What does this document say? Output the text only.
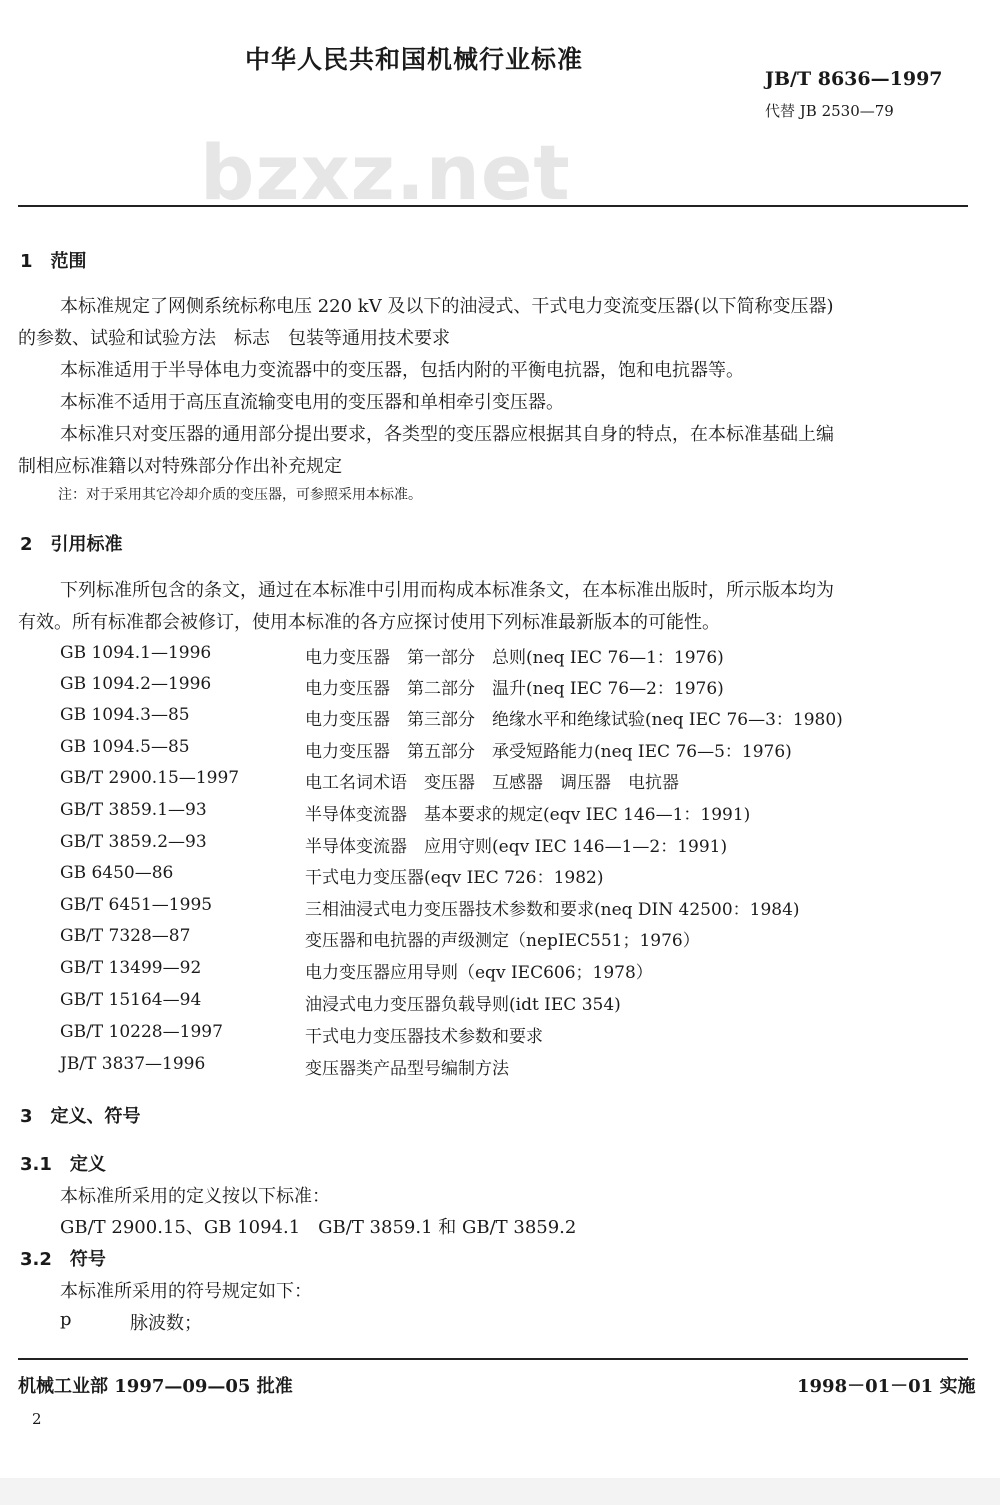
中华人民共和国机械行业标准
JB/T 8636—1997
代替 JB 2530—79
bzxz.net
1　范围
本标准规定了网侧系统标称电压 220 kV 及以下的油浸式、干式电力变流变压器(以下简称变压器)
的参数、试验和试验方法　标志　包装等通用技术要求
本标准适用于半导体电力变流器中的变压器，包括内附的平衡电抗器，饱和电抗器等。
本标准不适用于高压直流输变电用的变压器和单相牵引变压器。
本标准只对变压器的通用部分提出要求，各类型的变压器应根据其自身的特点，在本标准基础上编
制相应标准籍以对特殊部分作出补充规定
注：对于采用其它冷却介质的变压器，可参照采用本标准。
2　引用标准
下列标准所包含的条文，通过在本标准中引用而构成本标准条文，在本标准出版时，所示版本均为
有效。所有标准都会被修订，使用本标准的各方应探讨使用下列标准最新版本的可能性。
GB 1094.1—1996	电力变压器　第一部分　总则(neq IEC 76—1：1976)
GB 1094.2—1996	电力变压器　第二部分　温升(neq IEC 76—2：1976)
GB 1094.3—85	电力变压器　第三部分　绝缘水平和绝缘试验(neq IEC 76—3：1980)
GB 1094.5—85	电力变压器　第五部分　承受短路能力(neq IEC 76—5：1976)
GB/T 2900.15—1997	电工名词术语　变压器　互感器　调压器　电抗器
GB/T 3859.1—93	半导体变流器　基本要求的规定(eqv IEC 146—1：1991)
GB/T 3859.2—93	半导体变流器　应用守则(eqv IEC 146—1—2：1991)
GB 6450—86	干式电力变压器(eqv IEC 726：1982)
GB/T 6451—1995	三相油浸式电力变压器技术参数和要求(neq DIN 42500：1984)
GB/T 7328—87	变压器和电抗器的声级测定（nepIEC551；1976）
GB/T 13499—92	电力变压器应用导则（eqv IEC606；1978）
GB/T 15164—94	油浸式电力变压器负载导则(idt IEC 354)
GB/T 10228—1997	干式电力变压器技术参数和要求
JB/T 3837—1996	变压器类产品型号编制方法
3　定义、符号
3.1　定义
本标准所采用的定义按以下标准：
GB/T 2900.15、GB 1094.1　GB/T 3859.1 和 GB/T 3859.2
3.2　符号
本标准所采用的符号规定如下：
p	脉波数；
机械工业部 1997—09—05 批准	1998－01－01 实施
2
